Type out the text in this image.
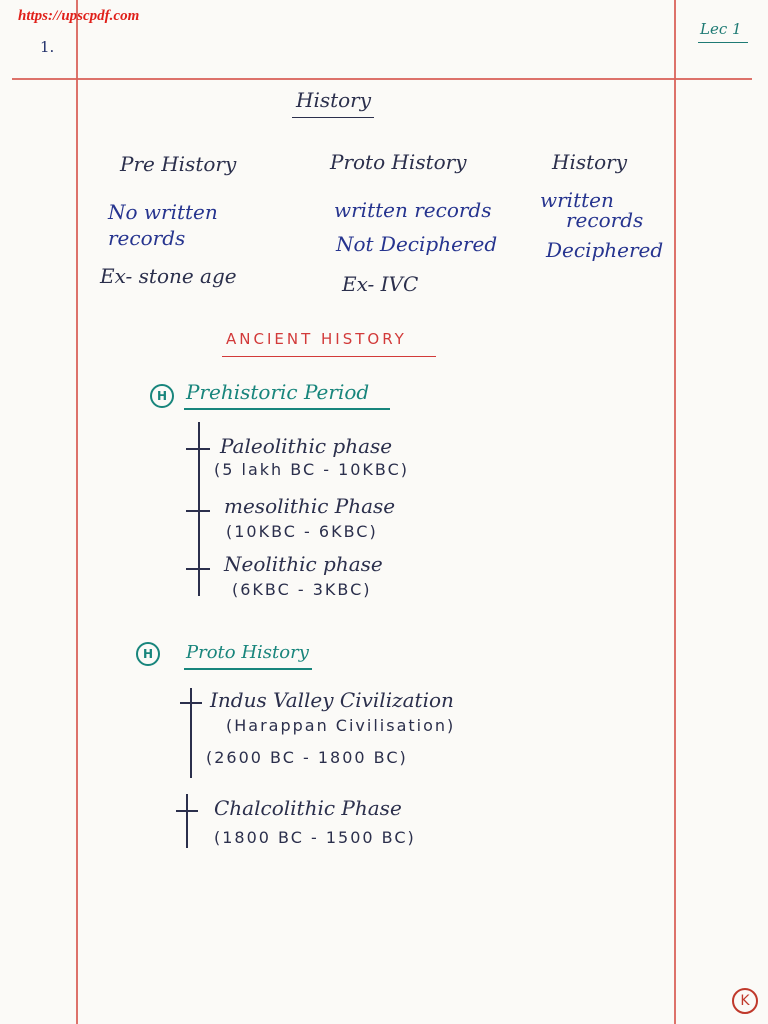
https://upscpdf.com
1.
Lec 1
History
Pre History
No written
records
Ex- stone age
Proto History
written records
Not Deciphered
Ex- IVC
History
written
records
Deciphered
ANCIENT HISTORY
H Prehistoric Period
Paleolithic phase
(5 lakh BC - 10KBC)
mesolithic Phase
(10KBC - 6KBC)
Neolithic phase
(6KBC - 3KBC)
H	Proto History
Indus Valley Civilization
(Harappan Civilisation)
(2600 BC - 1800 BC)
Chalcolithic Phase
(1800 BC - 1500 BC)
K
